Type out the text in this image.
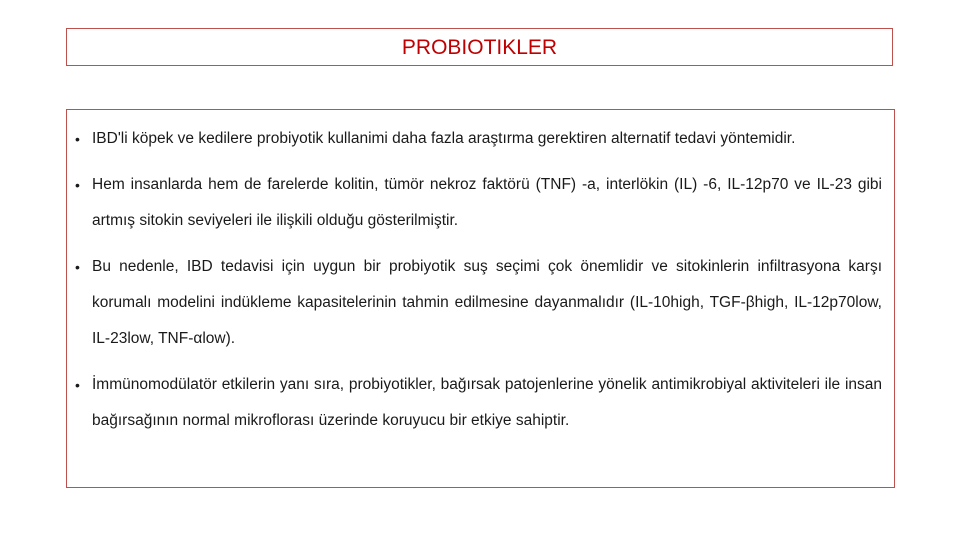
PROBIOTIKLER
• IBD'li köpek ve kedilere probiyotik kullanimi daha fazla araştırma gerektiren alternatif tedavi yöntemidir.
• Hem insanlarda hem de farelerde kolitin, tümör nekroz faktörü (TNF) -a, interlökin (IL) -6, IL-12p70 ve IL-23 gibi artmış sitokin seviyeleri ile ilişkili olduğu gösterilmiştir.
• Bu nedenle, IBD tedavisi için uygun bir probiyotik suş seçimi çok önemlidir ve sitokinlerin infiltrasyona karşı korumalı modelini indükleme kapasitelerinin tahmin edilmesine dayanmalıdır (IL-10high, TGF-βhigh, IL-12p70low, IL-23low, TNF-αlow).
• İmmünomodülatör etkilerin yanı sıra, probiyotikler, bağırsak patojenlerine yönelik antimikrobiyal aktiviteleri ile insan bağırsağının normal mikroflorası üzerinde koruyucu bir etkiye sahiptir.
